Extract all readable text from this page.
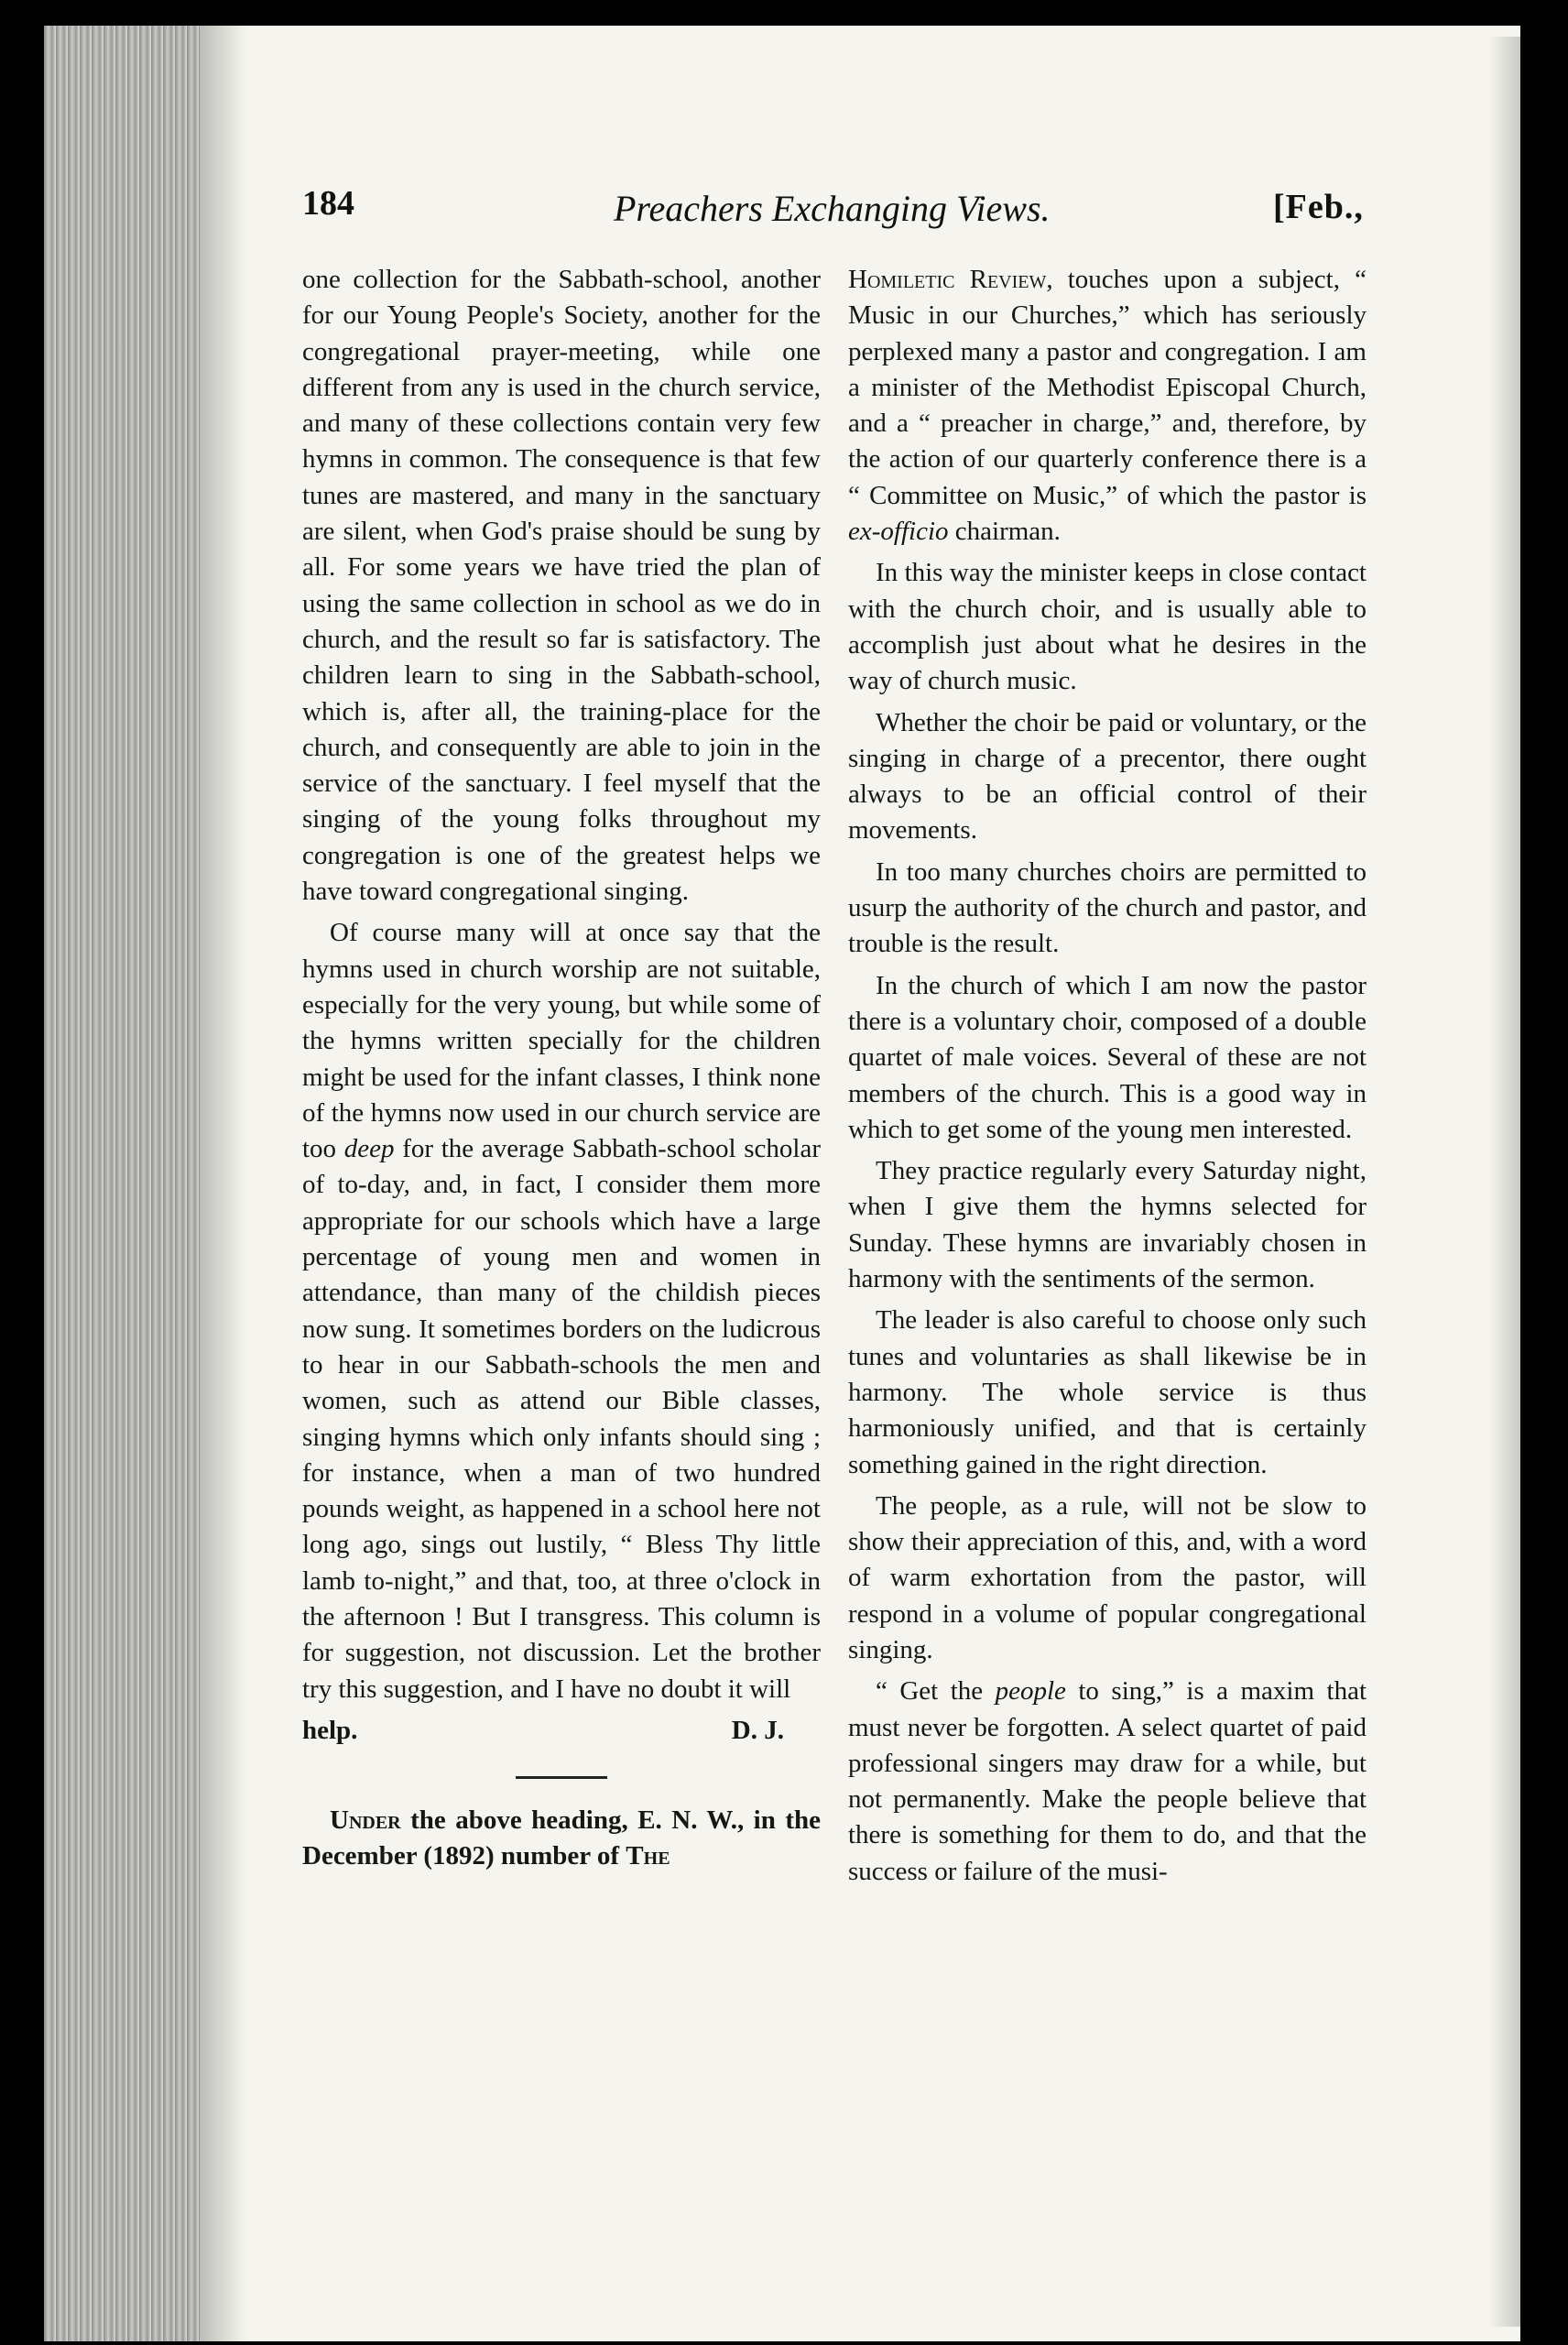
184	Preachers Exchanging Views.	[Feb.,

one collection for the Sabbath-school, another for our Young People's Society, another for the congregational prayer-meeting, while one different from any is used in the church service, and many of these collections contain very few hymns in common. The consequence is that few tunes are mastered, and many in the sanctuary are silent, when God's praise should be sung by all. For some years we have tried the plan of using the same collection in school as we do in church, and the result so far is satisfactory. The children learn to sing in the Sabbath-school, which is, after all, the training-place for the church, and consequently are able to join in the service of the sanctuary. I feel myself that the singing of the young folks throughout my congregation is one of the greatest helps we have toward congregational singing.

Of course many will at once say that the hymns used in church worship are not suitable, especially for the very young, but while some of the hymns written specially for the children might be used for the infant classes, I think none of the hymns now used in our church service are too deep for the average Sabbath-school scholar of to-day, and, in fact, I consider them more appropriate for our schools which have a large percentage of young men and women in attendance, than many of the childish pieces now sung. It sometimes borders on the ludicrous to hear in our Sabbath-schools the men and women, such as attend our Bible classes, singing hymns which only infants should sing ; for instance, when a man of two hundred pounds weight, as happened in a school here not long ago, sings out lustily, “ Bless Thy little lamb to-night,” and that, too, at three o'clock in the afternoon ! But I transgress. This column is for suggestion, not discussion. Let the brother try this suggestion, and I have no doubt it will

help.	D. J.

Under the above heading, E. N. W., in the December (1892) number of The

Homiletic Review, touches upon a subject, “ Music in our Churches,” which has seriously perplexed many a pastor and congregation. I am a minister of the Methodist Episcopal Church, and a “ preacher in charge,” and, therefore, by the action of our quarterly conference there is a “ Committee on Music,” of which the pastor is ex-officio chairman.

In this way the minister keeps in close contact with the church choir, and is usually able to accomplish just about what he desires in the way of church music.

Whether the choir be paid or voluntary, or the singing in charge of a precentor, there ought always to be an official control of their movements.

In too many churches choirs are permitted to usurp the authority of the church and pastor, and trouble is the result.

In the church of which I am now the pastor there is a voluntary choir, composed of a double quartet of male voices. Several of these are not members of the church. This is a good way in which to get some of the young men interested.

They practice regularly every Saturday night, when I give them the hymns selected for Sunday. These hymns are invariably chosen in harmony with the sentiments of the sermon.

The leader is also careful to choose only such tunes and voluntaries as shall likewise be in harmony. The whole service is thus harmoniously unified, and that is certainly something gained in the right direction.

The people, as a rule, will not be slow to show their appreciation of this, and, with a word of warm exhortation from the pastor, will respond in a volume of popular congregational singing.

“ Get the people to sing,” is a maxim that must never be forgotten. A select quartet of paid professional singers may draw for a while, but not permanently. Make the people believe that there is something for them to do, and that the success or failure of the musi-
